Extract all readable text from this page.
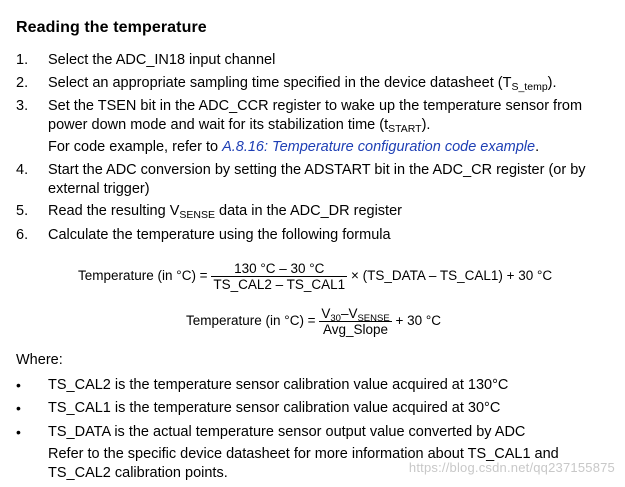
Reading the temperature
1.	Select the ADC_IN18 input channel
2.	Select an appropriate sampling time specified in the device datasheet $(T_{S\_temp})$.
3.	Set the TSEN bit in the ADC_CCR register to wake up the temperature sensor from
power down mode and wait for its stabilization time $(t_{START})$.
For code example, refer to A.8.16: Temperature configuration code example.
4.	Start the ADC conversion by setting the ADSTART bit in the ADC_CR register (or by
external trigger)
5.	Read the resulting $V_{SENSE}$ data in the ADC_DR register
6.	Calculate the temperature using the following formula
Temperature (in $^\circ C) = \frac{130 ^\circ C - 30 ^\circ C}{\text{TS\_CAL2 – TS\_CAL1}}$ × (TS_DATA – TS_CAL1) + 30 °C
Temperature (in $^\circ C) = \frac{V_{30}-V_{SENSE}}{\text{Avg\_Slope}} + 30$ °C
Where:
• TS_CAL2 is the temperature sensor calibration value acquired at 130°C
• TS_CAL1 is the temperature sensor calibration value acquired at 30°C
• TS_DATA is the actual temperature sensor output value converted by ADC
Refer to the specific device datasheet for more information about TS_CAL1 and
TS_CAL2 calibration points.	https://blog.csdn.net/qq237155875
